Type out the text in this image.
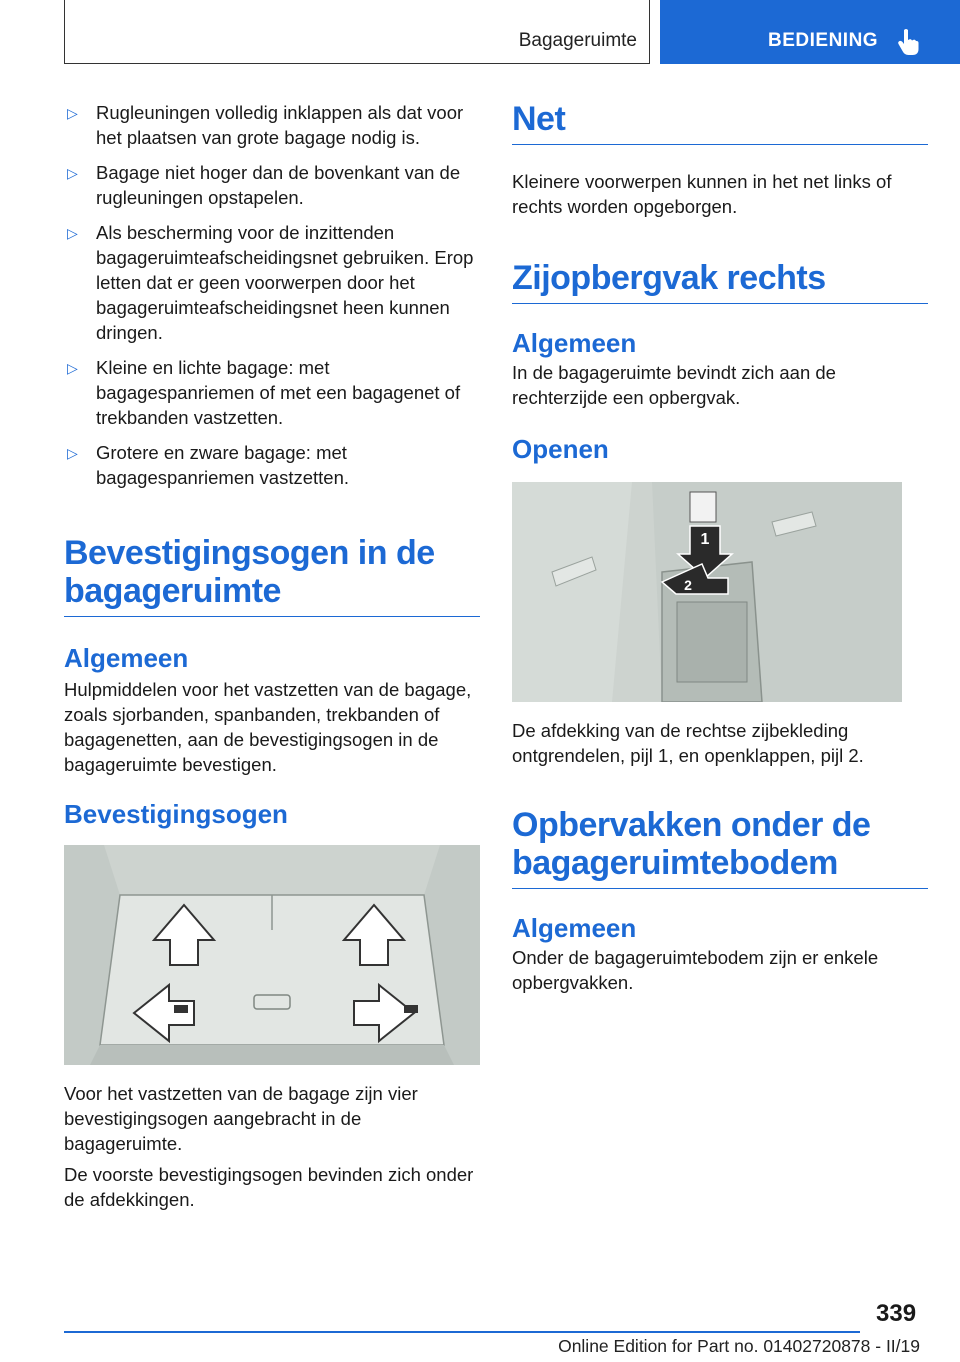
Bagageruimte	BEDIENING
▷ Rugleuningen volledig inklappen als dat voor het plaatsen van grote bagage nodig is.
▷ Bagage niet hoger dan de bovenkant van de rugleuningen opstapelen.
▷ Als bescherming voor de inzittenden bagageruimteafscheidingsnet gebruiken. Erop letten dat er geen voorwerpen door het bagageruimteafscheidingsnet heen kunnen dringen.
▷ Kleine en lichte bagage: met bagagespanriemen of met een bagagenet of trekbanden vastzetten.
▷ Grotere en zware bagage: met bagagespanriemen vastzetten.
Bevestigingsogen in de bagageruimte
Algemeen

Hulpmiddelen voor het vastzetten van de bagage, zoals sjorbanden, spanbanden, trekbanden of bagagenetten, aan de bevestigingsogen in de bagageruimte bevestigen.

Bevestigingsogen

Voor het vastzetten van de bagage zijn vier bevestigingsogen aangebracht in de bagageruimte.

De voorste bevestigingsogen bevinden zich onder de afdekkingen.

Net

Kleinere voorwerpen kunnen in het net links of rechts worden opgeborgen.

Zijopbergvak rechts
Algemeen

In de bagageruimte bevindt zich aan de rechterzijde een opbergvak.

Openen
1
2

De afdekking van de rechtse zijbekleding ontgrendelen, pijl 1, en openklappen, pijl 2.

Opbervakken onder de bagageruimtebodem
Algemeen

Onder de bagageruimtebodem zijn er enkele opbergvakken.

339
Online Edition for Part no. 01402720878 - II/19
